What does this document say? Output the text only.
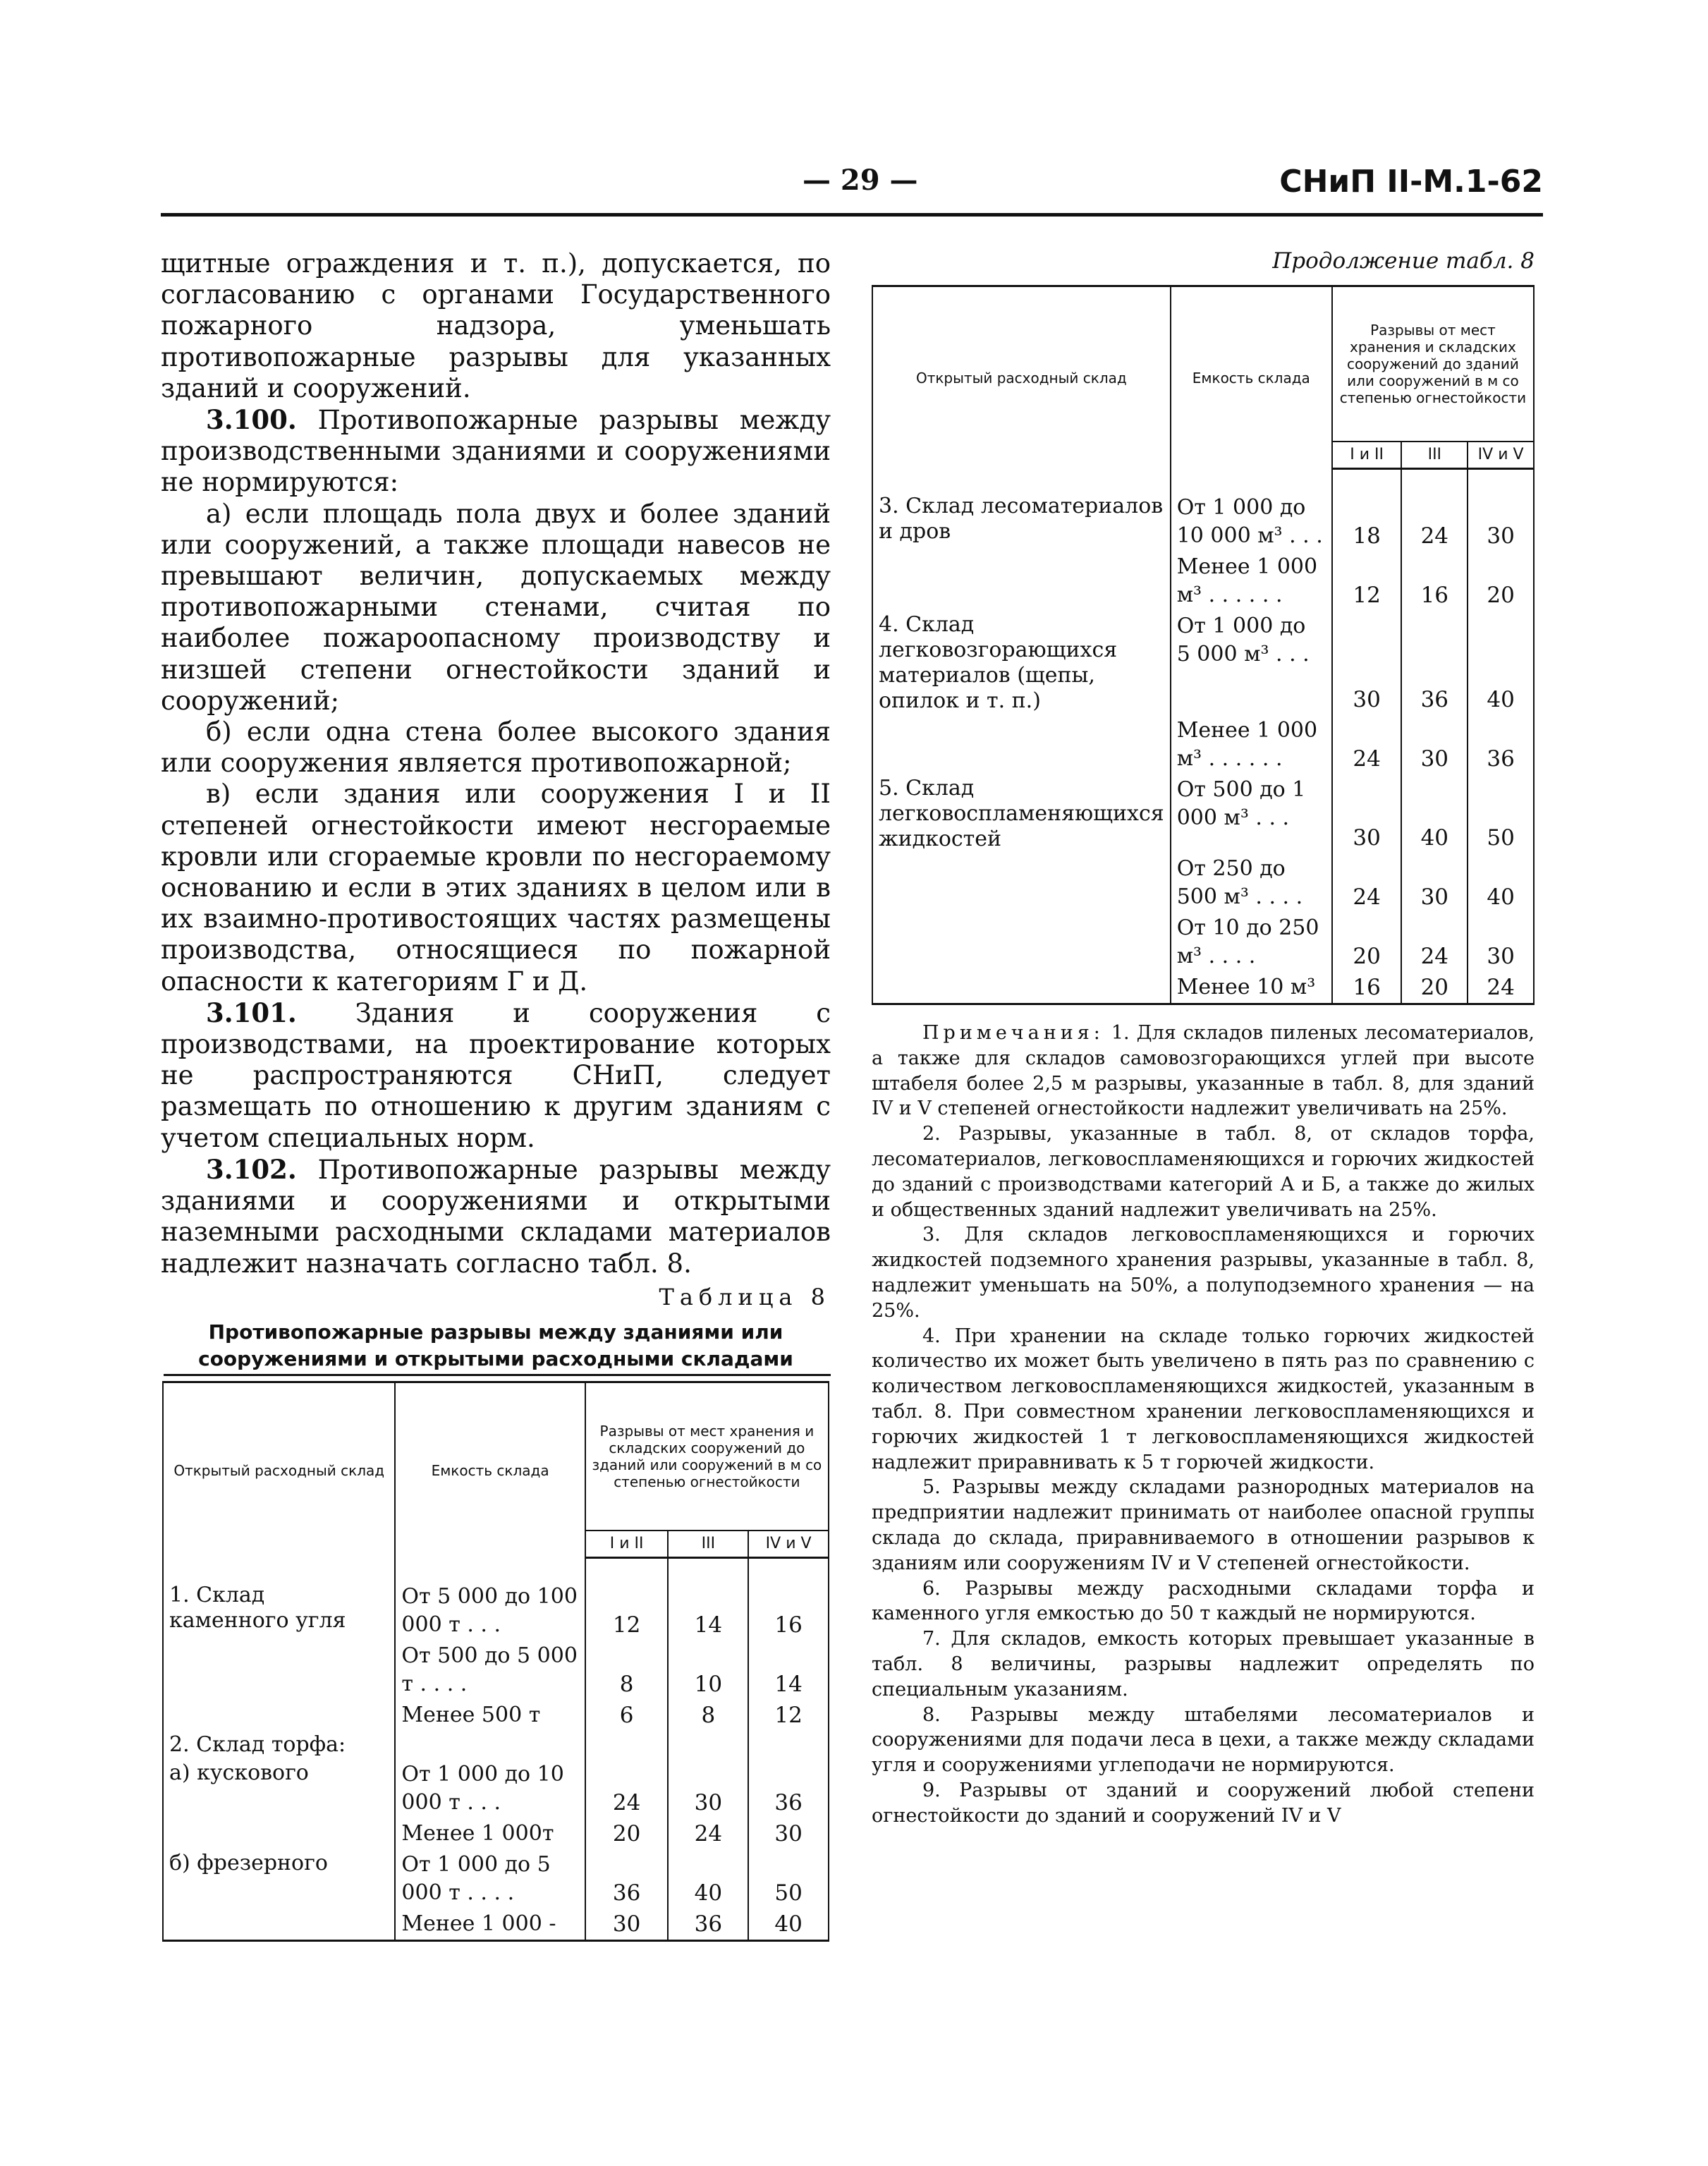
— 29 —	СНиП II-М.1-62

щитные ограждения и т. п.), допускается, по согласованию с органами Государственного пожарного надзора, уменьшать противопожарные разрывы для указанных зданий и сооружений.

3.100. Противопожарные разрывы между производственными зданиями и сооружениями не нормируются:

а) если площадь пола двух и более зданий или сооружений, а также площади навесов не превышают величин, допускаемых между противопожарными стенами, считая по наиболее пожароопасному производству и низшей степени огнестойкости зданий и сооружений;

б) если одна стена более высокого здания или сооружения является противопожарной;

в) если здания или сооружения I и II степеней огнестойкости имеют несгораемые кровли или сгораемые кровли по несгораемому основанию и если в этих зданиях в целом или в их взаимно-противостоящих частях размещены производства, относящиеся по пожарной опасности к категориям Г и Д.

3.101. Здания и сооружения с производствами, на проектирование которых не распространяются СНиП, следует размещать по отношению к другим зданиям с учетом специальных норм.

3.102. Противопожарные разрывы между зданиями и сооружениями и открытыми наземными расходными складами материалов надлежит назначать согласно табл. 8.

Таблица 8
Противопожарные разрывы между зданиями или сооружениями и открытыми расходными складами
Открытый расходный склад	Емкость склада	Разрывы от мест хранения и складских сооружений до зданий или сооружений в м со степенью огнестойкости		
		I и II	III	IV и V

1. Склад каменного угля	От 5 000 до 100 000 т . . .	12	14	16
	От 500 до 5 000 т . . . .	8	10	14
	Менее 500 т	6	8	12
2. Склад торфа:				
а) кускового	От 1 000 до 10 000 т . . .	24	30	36
	Менее 1 000т	20	24	30
б) фрезерного	От 1 000 до 5 000 т . . . .	36	40	50
	Менее 1 000 -	30	36	40
Продолжение табл. 8
Открытый расходный склад	Емкость склада	Разрывы от мест хранения и складских сооружений до зданий или сооружений в м со степенью огнестойкости		
		I и II	III	IV и V

3. Склад лесоматериалов и дров	От 1 000 до 10 000 м³ . . .	18	24	30
	Менее 1 000 м³ . . . . . .	12	16	20
4. Склад легковозгорающихся материалов (щепы, опилок и т. п.)	От 1 000 до 5 000 м³ . . .	30	36	40
	Менее 1 000 м³ . . . . . .	24	30	36
5. Склад легковоспламеняющихся жидкостей	От 500 до 1 000 м³ . . .	30	40	50
	От 250 до 500 м³ . . . .	24	30	40
	От 10 до 250 м³ . . . .	20	24	30
	Менее 10 м³	16	20	24

Примечания: 1. Для складов пиленых лесоматериалов, а также для складов самовозгорающихся углей при высоте штабеля более 2,5 м разрывы, указанные в табл. 8, для зданий IV и V степеней огнестойкости надлежит увеличивать на 25%.

2. Разрывы, указанные в табл. 8, от складов торфа, лесоматериалов, легковоспламеняющихся и горючих жидкостей до зданий с производствами категорий А и Б, а также до жилых и общественных зданий надлежит увеличивать на 25%.

3. Для складов легковоспламеняющихся и горючих жидкостей подземного хранения разрывы, указанные в табл. 8, надлежит уменьшать на 50%, а полуподземного хранения — на 25%.

4. При хранении на складе только горючих жидкостей количество их может быть увеличено в пять раз по сравнению с количеством легковоспламеняющихся жидкостей, указанным в табл. 8. При совместном хранении легковоспламеняющихся и горючих жидкостей 1 т легковоспламеняющихся жидкостей надлежит приравнивать к 5 т горючей жидкости.

5. Разрывы между складами разнородных материалов на предприятии надлежит принимать от наиболее опасной группы склада до склада, приравниваемого в отношении разрывов к зданиям или сооружениям IV и V степеней огнестойкости.

6. Разрывы между расходными складами торфа и каменного угля емкостью до 50 т каждый не нормируются.

7. Для складов, емкость которых превышает указанные в табл. 8 величины, разрывы надлежит определять по специальным указаниям.

8. Разрывы между штабелями лесоматериалов и сооружениями для подачи леса в цехи, а также между складами угля и сооружениями углеподачи не нормируются.

9. Разрывы от зданий и сооружений любой степени огнестойкости до зданий и сооружений IV и V
